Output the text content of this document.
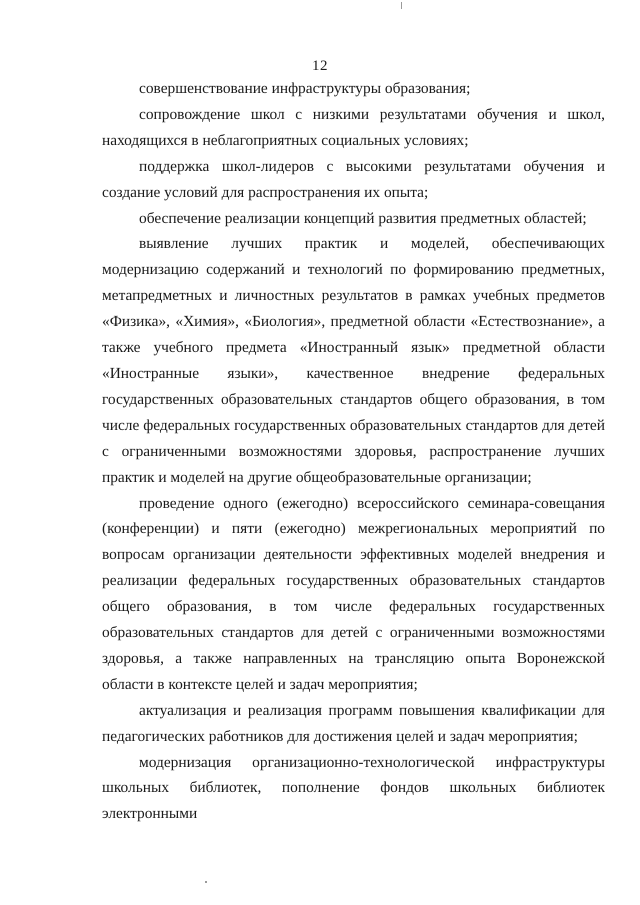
12

совершенствование инфраструктуры образования;

сопровождение школ с низкими результатами обучения и школ, находящихся в неблагоприятных социальных условиях;

поддержка школ-лидеров с высокими результатами обучения и создание условий для распространения их опыта;

обеспечение реализации концепций развития предметных областей;

выявление лучших практик и моделей, обеспечивающих модернизацию содержаний и технологий по формированию предметных, метапредметных и личностных результатов в рамках учебных предметов «Физика», «Химия», «Биология», предметной области «Естествознание», а также учебного предмета «Иностранный язык» предметной области «Иностранные языки», качественное внедрение федеральных государственных образовательных стандартов общего образования, в том числе федеральных государственных образовательных стандартов для детей с ограниченными возможностями здоровья, распространение лучших практик и моделей на другие общеобразовательные организации;

проведение одного (ежегодно) всероссийского семинара-совещания (конференции) и пяти (ежегодно) межрегиональных мероприятий по вопросам организации деятельности эффективных моделей внедрения и реализации федеральных государственных образовательных стандартов общего образования, в том числе федеральных государственных образовательных стандартов для детей с ограниченными возможностями здоровья, а также направленных на трансляцию опыта Воронежской области в контексте целей и задач мероприятия;

актуализация и реализация программ повышения квалификации для педагогических работников для достижения целей и задач мероприятия;

модернизация организационно-технологической инфраструктуры школьных библиотек, пополнение фондов школьных библиотек электронными
